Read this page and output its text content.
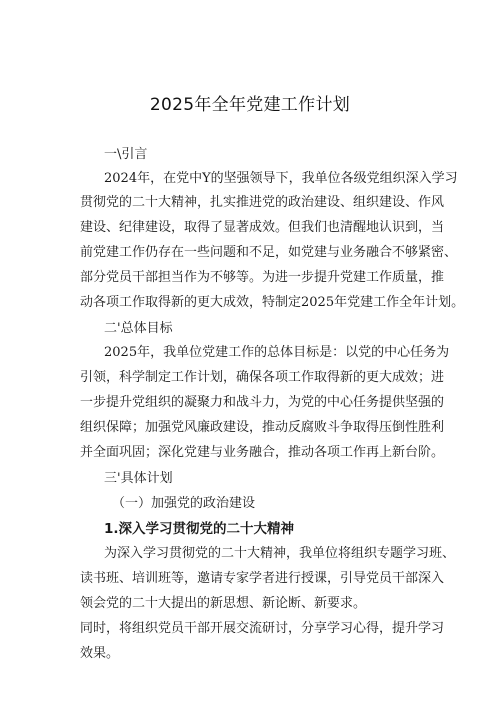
2025年全年党建工作计划
一\引言
2024年，在党中Y的坚强领导下，我单位各级党组织深入学习
贯彻党的二十大精神，扎实推进党的政治建设、组织建设、作风
建设、纪律建设，取得了显著成效。但我们也清醒地认识到，当
前党建工作仍存在一些问题和不足，如党建与业务融合不够紧密、
部分党员干部担当作为不够等。为进一步提升党建工作质量，推
动各项工作取得新的更大成效，特制定2025年党建工作全年计划。
二'总体目标
2025年，我单位党建工作的总体目标是：以党的中心任务为
引领，科学制定工作计划，确保各项工作取得新的更大成效；进
一步提升党组织的凝聚力和战斗力，为党的中心任务提供坚强的
组织保障；加强党风廉政建设，推动反腐败斗争取得压倒性胜利
并全面巩固；深化党建与业务融合，推动各项工作再上新台阶。
三'具体计划
（一）加强党的政治建设
1.深入学习贯彻党的二十大精神
为深入学习贯彻党的二十大精神，我单位将组织专题学习班、
读书班、培训班等，邀请专家学者进行授课，引导党员干部深入
领会党的二十大提出的新思想、新论断、新要求。
同时，将组织党员干部开展交流研讨，分享学习心得，提升学习
效果。
